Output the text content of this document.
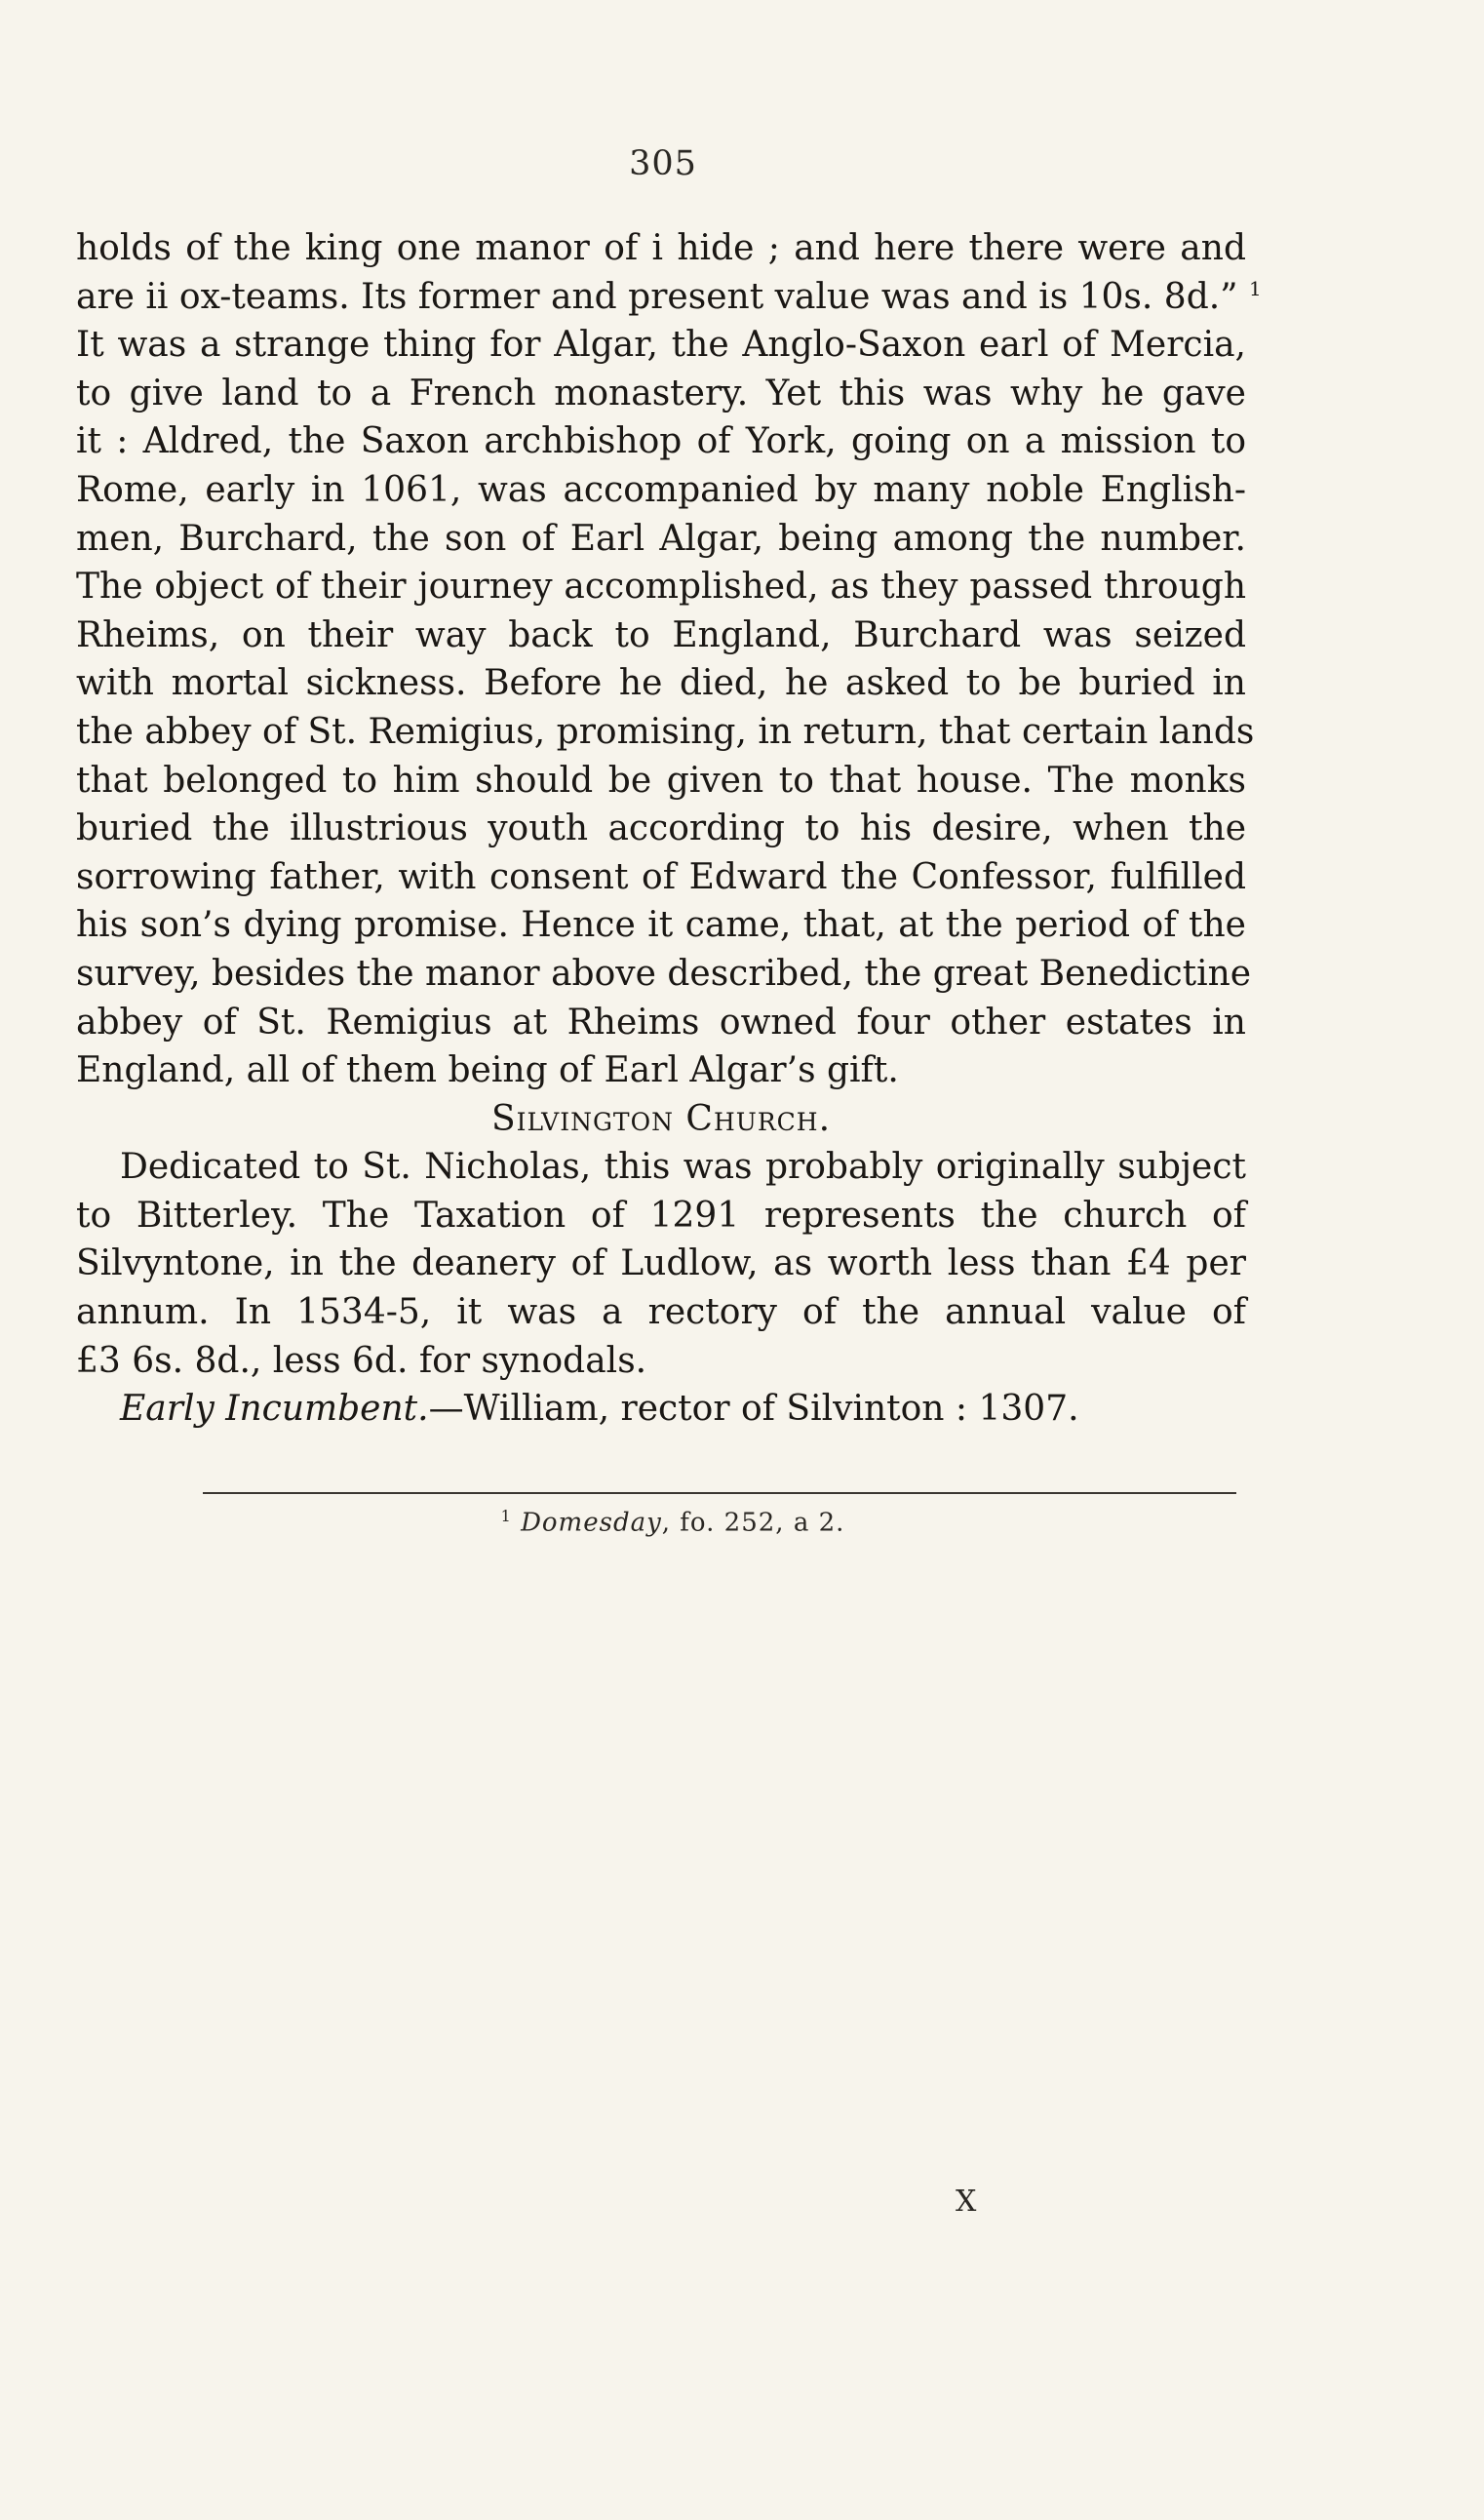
305
holds of the king one manor of i hide ; and here there were and
are ii ox-teams. Its former and present value was and is 10s. 8d.” $^1$
It was a strange thing for Algar, the Anglo-Saxon earl of Mercia,
to give land to a French monastery. Yet this was why he gave
it : Aldred, the Saxon archbishop of York, going on a mission to
Rome, early in 1061, was accompanied by many noble English-
men, Burchard, the son of Earl Algar, being among the number.
The object of their journey accomplished, as they passed through
Rheims, on their way back to England, Burchard was seized
with mortal sickness. Before he died, he asked to be buried in
the abbey of St. Remigius, promising, in return, that certain lands
that belonged to him should be given to that house. The monks
buried the illustrious youth according to his desire, when the
sorrowing father, with consent of Edward the Confessor, fulfilled
his son’s dying promise. Hence it came, that, at the period of the
survey, besides the manor above described, the great Benedictine
abbey of St. Remigius at Rheims owned four other estates in
England, all of them being of Earl Algar’s gift.
Silvington Church.
Dedicated to St. Nicholas, this was probably originally subject
to Bitterley. The Taxation of 1291 represents the church of
Silvyntone, in the deanery of Ludlow, as worth less than £4 per
annum. In 1534-5, it was a rectory of the annual value of
£3 6s. 8d., less 6d. for synodals.
Early Incumbent.—William, rector of Silvinton : 1307.
$^1$ Domesday, fo. 252, a 2.
X
